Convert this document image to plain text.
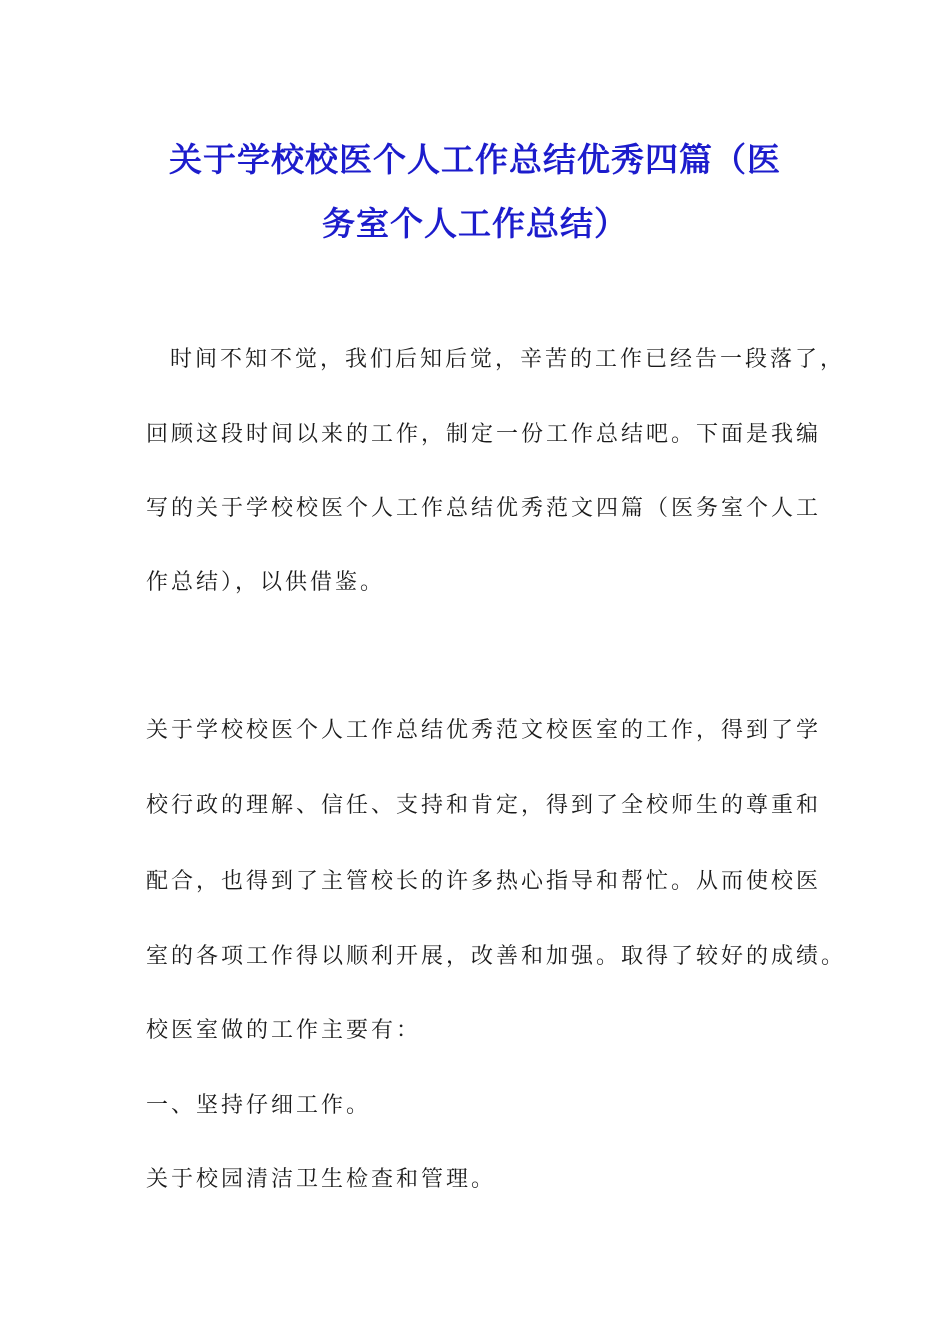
关于学校校医个人工作总结优秀四篇（医
务室个人工作总结）
时间不知不觉，我们后知后觉，辛苦的工作已经告一段落了，
回顾这段时间以来的工作，制定一份工作总结吧。下面是我编
写的关于学校校医个人工作总结优秀范文四篇（医务室个人工
作总结），以供借鉴。
关于学校校医个人工作总结优秀范文校医室的工作，得到了学
校行政的理解、信任、支持和肯定，得到了全校师生的尊重和
配合，也得到了主管校长的许多热心指导和帮忙。从而使校医
室的各项工作得以顺利开展，改善和加强。取得了较好的成绩。
校医室做的工作主要有：
一、坚持仔细工作。
关于校园清洁卫生检查和管理。
